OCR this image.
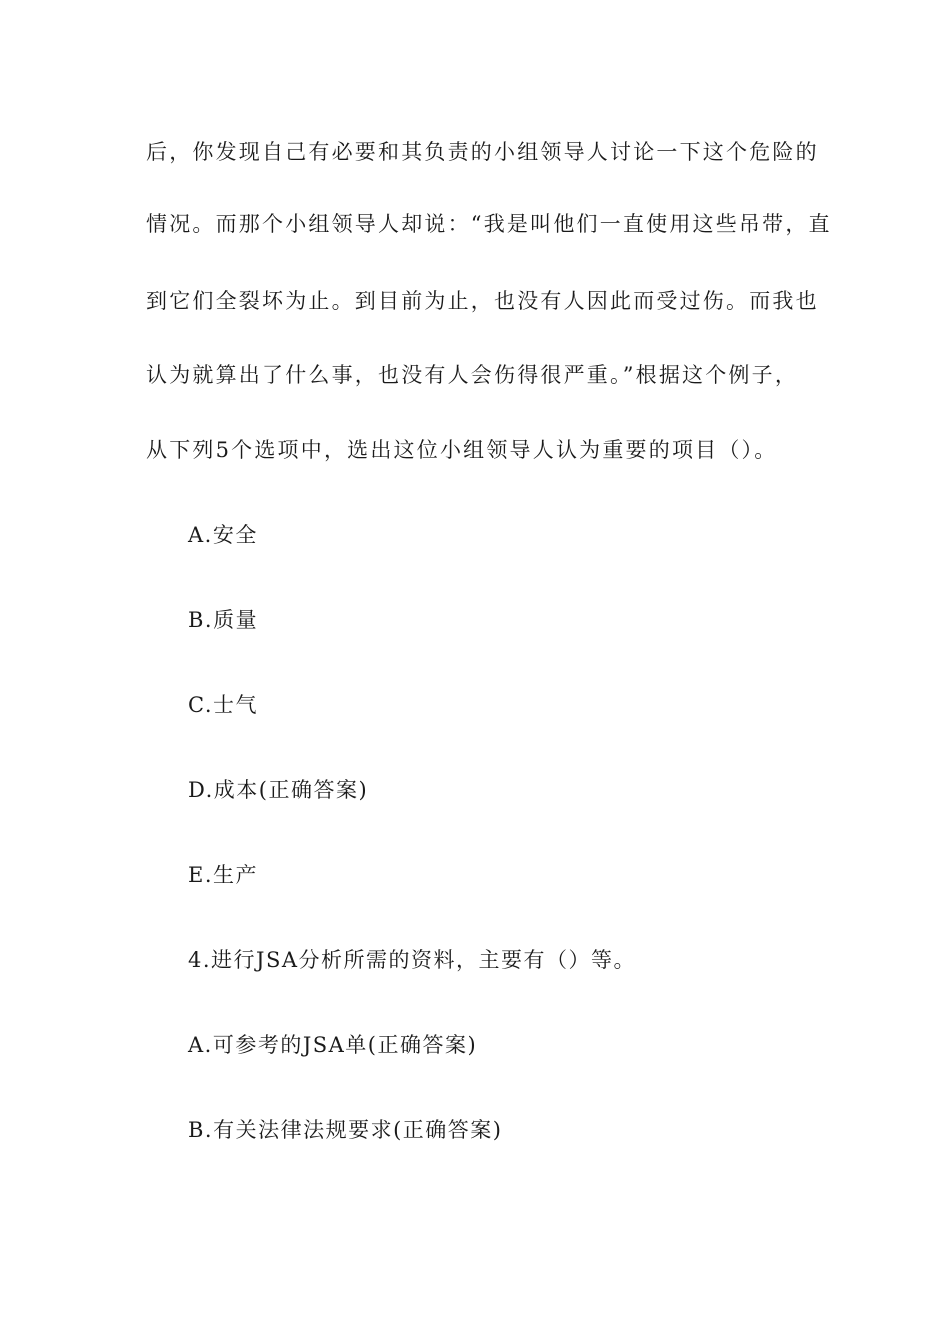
后，你发现自己有必要和其负责的小组领导人讨论一下这个危险的
情况。而那个小组领导人却说：“我是叫他们一直使用这些吊带，直
到它们全裂坏为止。到目前为止，也没有人因此而受过伤。而我也
认为就算出了什么事，也没有人会伤得很严重。”根据这个例子，
从下列5个选项中，选出这位小组领导人认为重要的项目（）。
A.安全
B.质量
C.士气
D.成本(正确答案)
E.生产
4.进行JSA分析所需的资料，主要有（）等。
A.可参考的JSA单(正确答案)
B.有关法律法规要求(正确答案)
